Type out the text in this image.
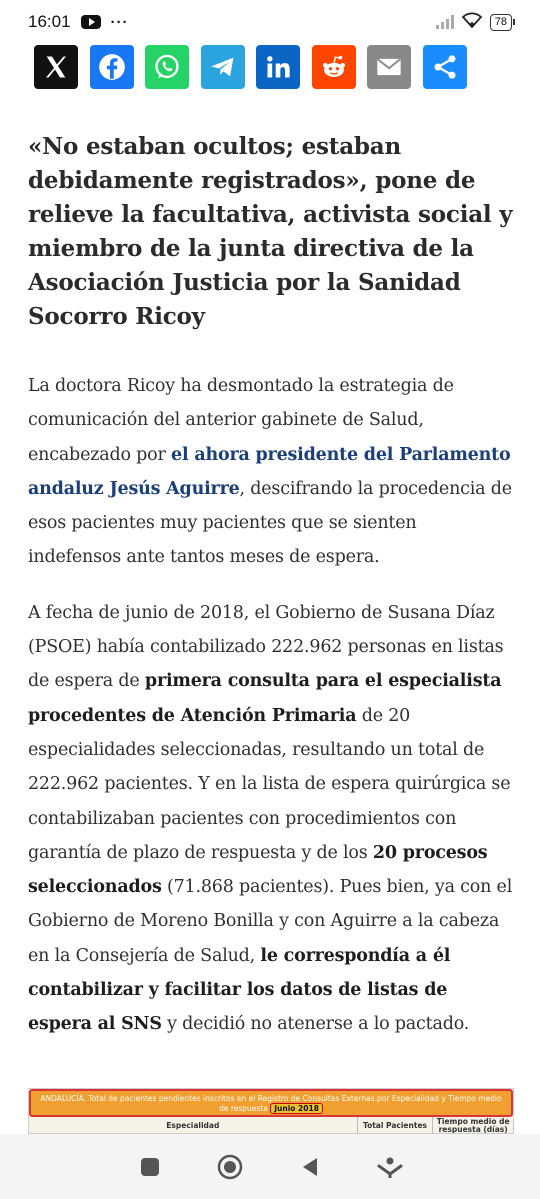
16:01	···	78
«No estaban ocultos; estaban debidamente registrados», pone de relieve la facultativa, activista social y miembro de la junta directiva de la Asociación Justicia por la Sanidad Socorro Ricoy

La doctora Ricoy ha desmontado la estrategia de comunicación del anterior gabinete de Salud, encabezado por el ahora presidente del Parlamento andaluz Jesús Aguirre, descifrando la procedencia de esos pacientes muy pacientes que se sienten indefensos ante tantos meses de espera.

A fecha de junio de 2018, el Gobierno de Susana Díaz (PSOE) había contabilizado 222.962 personas en listas de espera de primera consulta para el especialista procedentes de Atención Primaria de 20 especialidades seleccionadas, resultando un total de 222.962 pacientes. Y en la lista de espera quirúrgica se contabilizaban pacientes con procedimientos con garantía de plazo de respuesta y de los 20 procesos seleccionados (71.868 pacientes). Pues bien, ya con el Gobierno de Moreno Bonilla y con Aguirre a la cabeza en la Consejería de Salud, le correspondía a él contabilizar y facilitar los datos de listas de espera al SNS y decidió no atenerse a lo pactado.

ANDALUCÍA. Total de pacientes pendientes inscritos en el Registro de Consultas Externas por Especialidad y Tiempo medio de respuesta Junio 2018
Especialidad	Total Pacientes	Tiempo medio de respuesta (días)
